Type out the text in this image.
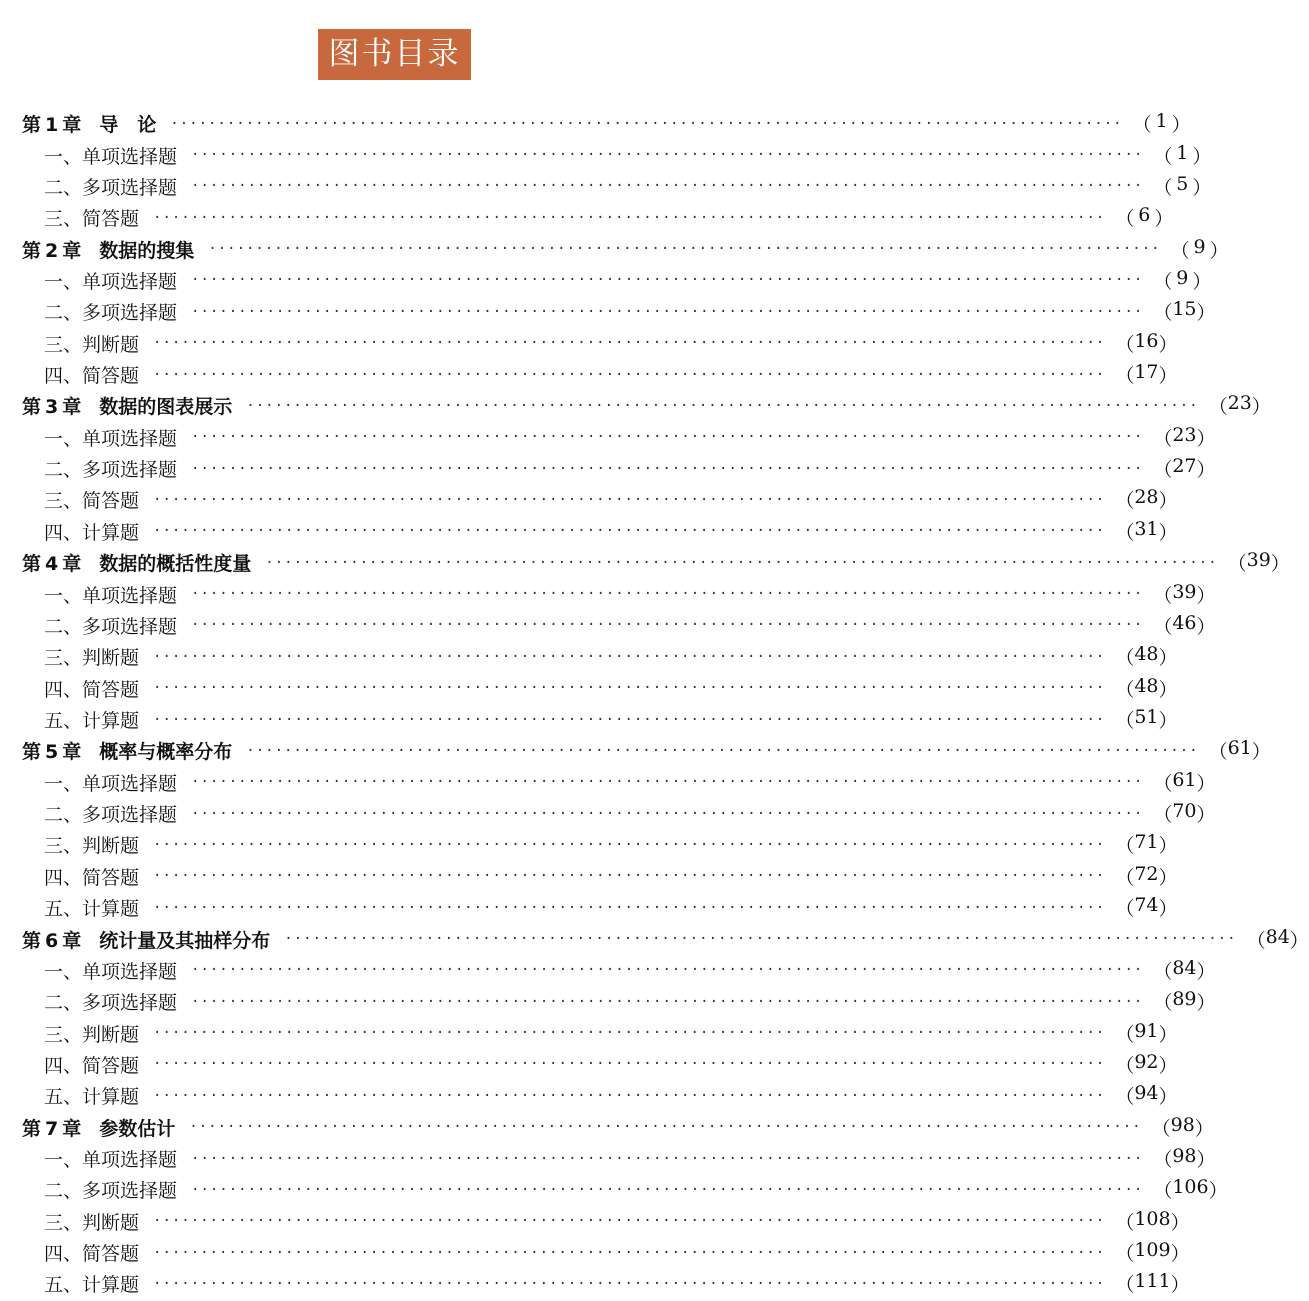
图书目录
第 1 章 导　论 ····································································································· （ 1 ）
一、单项选择题 ····································································································· （ 1 ）
二、多项选择题 ····································································································· （ 5 ）
三、简答题 ····································································································· （ 6 ）
第 2 章 数据的搜集 ····································································································· （ 9 ）
一、单项选择题 ····································································································· （ 9 ）
二、多项选择题 ····································································································· （ 15 ）
三、判断题 ····································································································· （ 16 ）
四、简答题 ····································································································· （ 17 ）
第 3 章 数据的图表展示 ····································································································· （ 23 ）
一、单项选择题 ····································································································· （ 23 ）
二、多项选择题 ····································································································· （ 27 ）
三、简答题 ····································································································· （ 28 ）
四、计算题 ····································································································· （ 31 ）
第 4 章 数据的概括性度量 ····································································································· （ 39 ）
一、单项选择题 ····································································································· （ 39 ）
二、多项选择题 ····································································································· （ 46 ）
三、判断题 ····································································································· （ 48 ）
四、简答题 ····································································································· （ 48 ）
五、计算题 ····································································································· （ 51 ）
第 5 章 概率与概率分布 ····································································································· （ 61 ）
一、单项选择题 ····································································································· （ 61 ）
二、多项选择题 ····································································································· （ 70 ）
三、判断题 ····································································································· （ 71 ）
四、简答题 ····································································································· （ 72 ）
五、计算题 ····································································································· （ 74 ）
第 6 章 统计量及其抽样分布 ····································································································· （ 84 ）
一、单项选择题 ····································································································· （ 84 ）
二、多项选择题 ····································································································· （ 89 ）
三、判断题 ····································································································· （ 91 ）
四、简答题 ····································································································· （ 92 ）
五、计算题 ····································································································· （ 94 ）
第 7 章 参数估计 ····································································································· （ 98 ）
一、单项选择题 ····································································································· （ 98 ）
二、多项选择题 ····································································································· （ 106 ）
三、判断题 ····································································································· （ 108 ）
四、简答题 ····································································································· （ 109 ）
五、计算题 ····································································································· （ 111 ）
